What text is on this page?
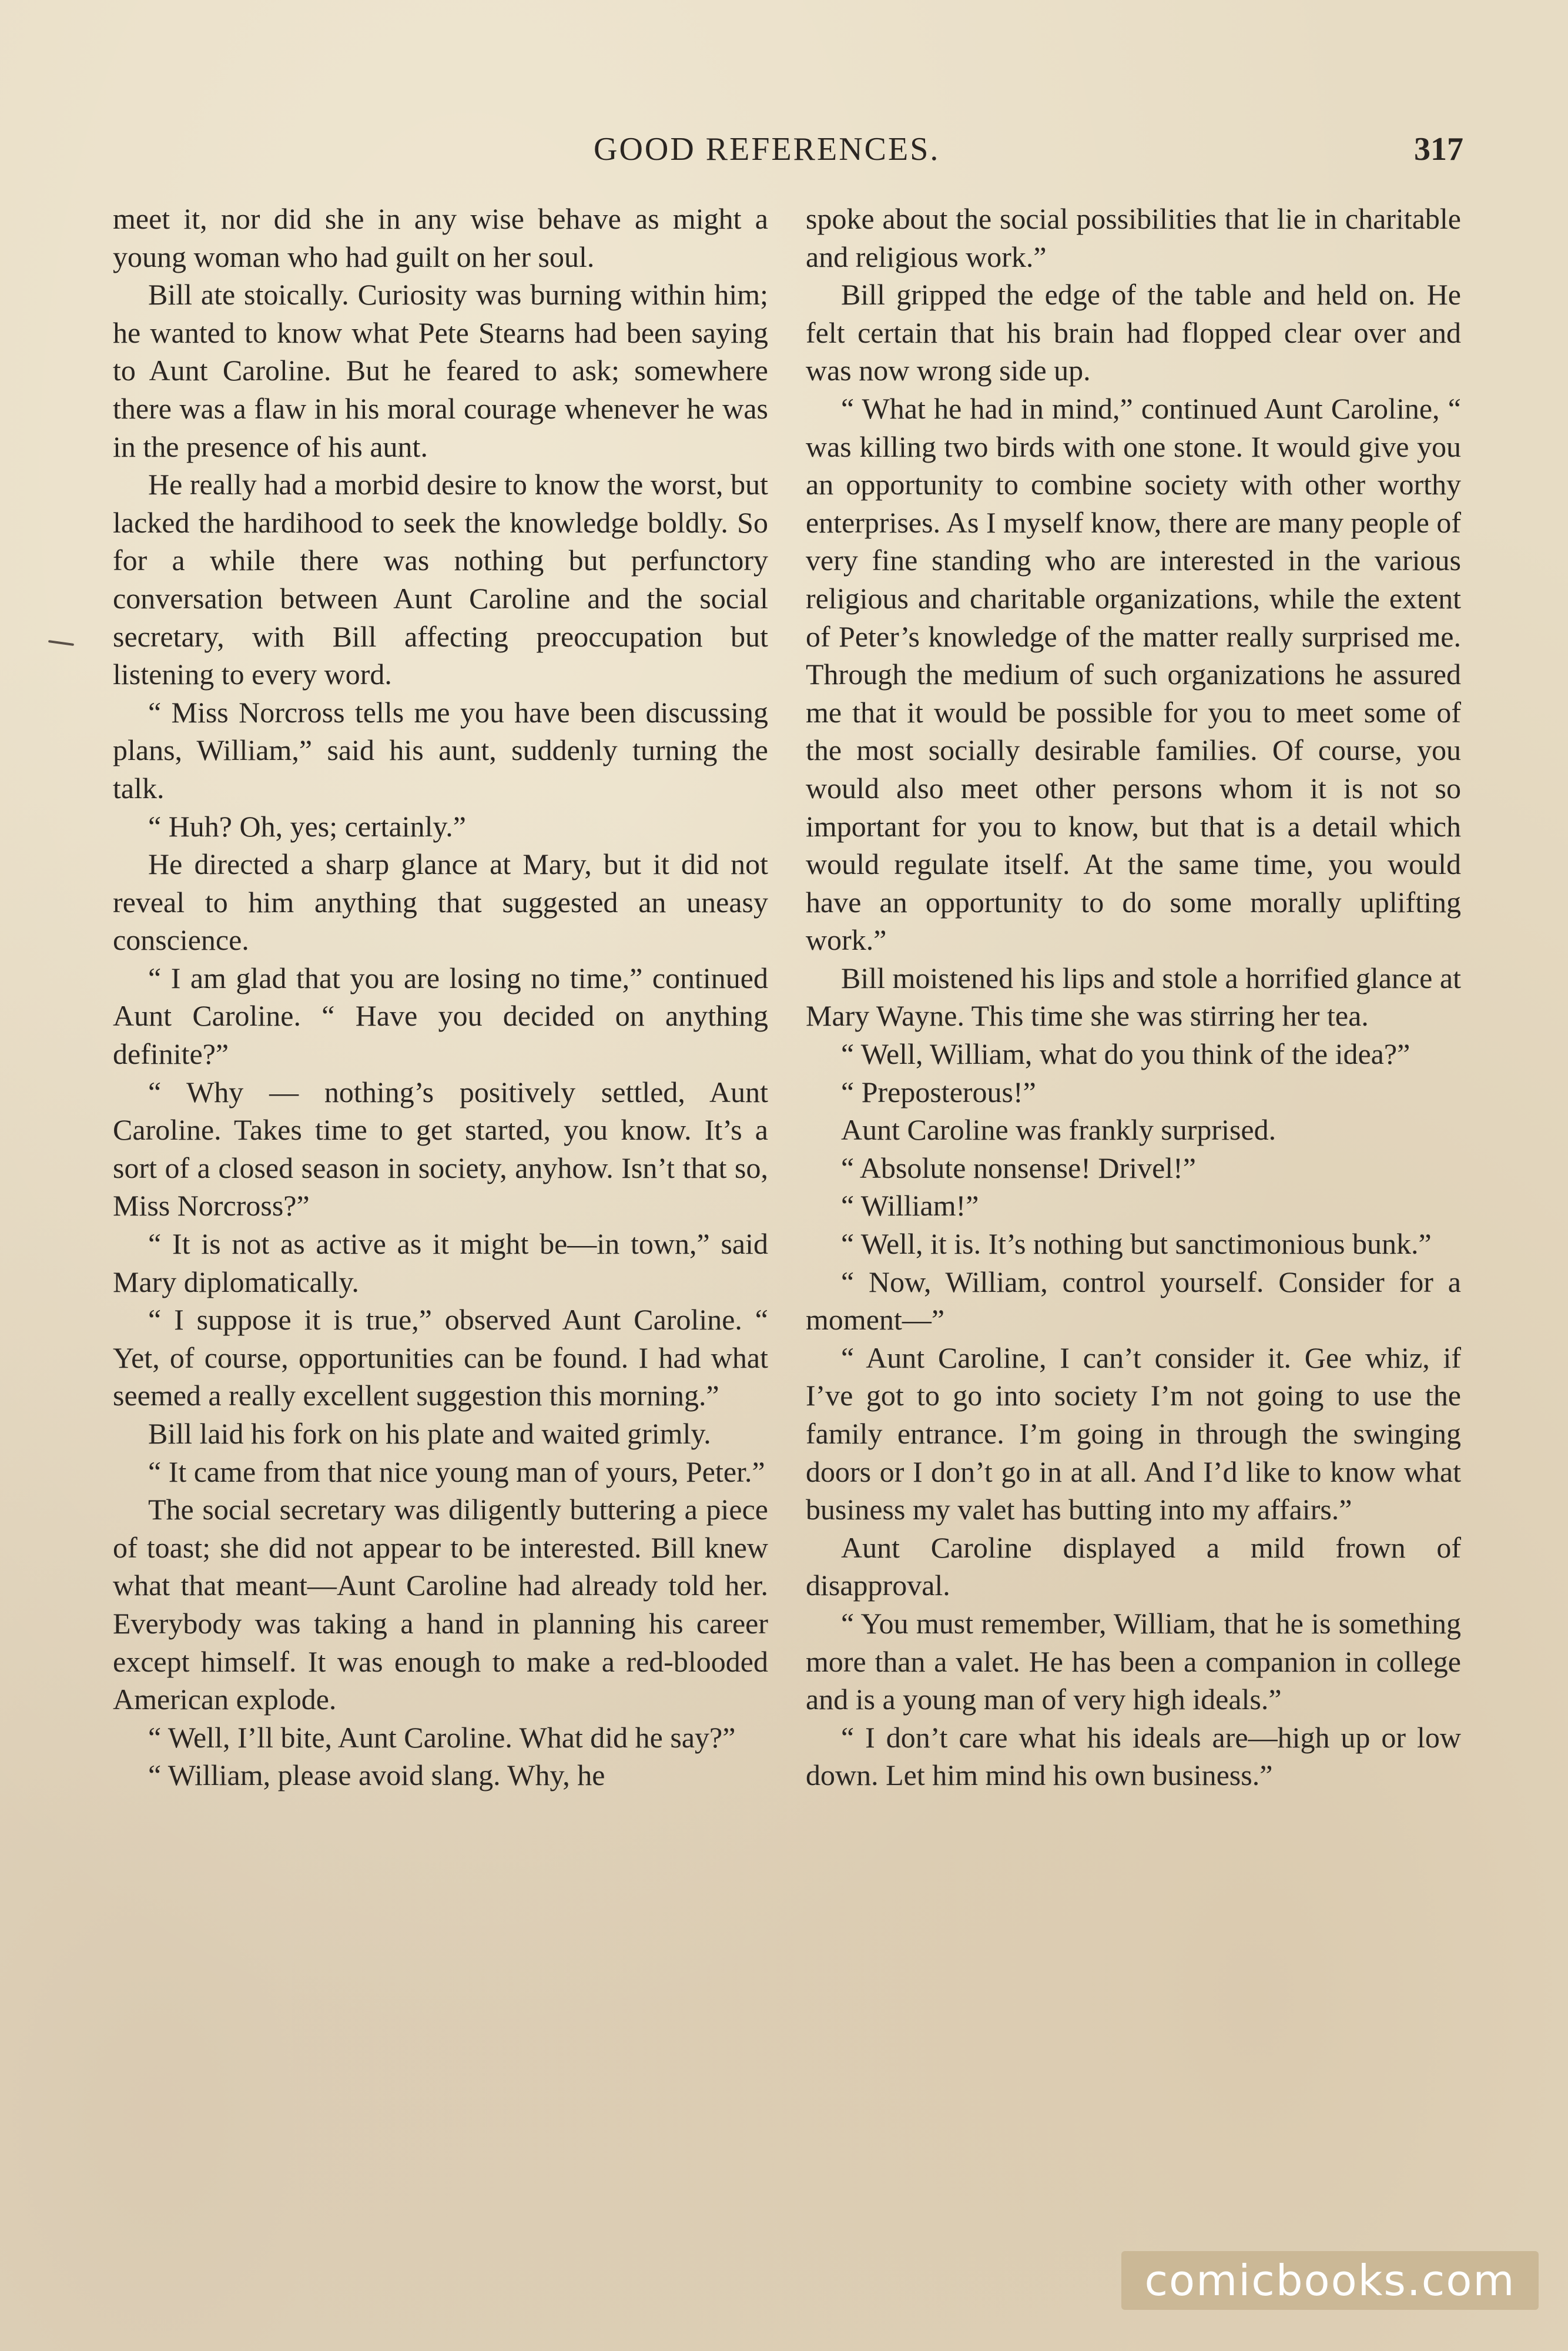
GOOD REFERENCES.	317

meet it, nor did she in any wise behave as might a young woman who had guilt on her soul.

Bill ate stoically. Curiosity was burning within him; he wanted to know what Pete Stearns had been saying to Aunt Caroline. But he feared to ask; somewhere there was a flaw in his moral courage whenever he was in the presence of his aunt.

He really had a morbid desire to know the worst, but lacked the hardihood to seek the knowledge boldly. So for a while there was nothing but perfunctory conversation between Aunt Caroline and the social secretary, with Bill affecting preoccupation but listening to every word.

“ Miss Norcross tells me you have been discussing plans, William,” said his aunt, suddenly turning the talk.

“ Huh? Oh, yes; certainly.”

He directed a sharp glance at Mary, but it did not reveal to him anything that suggested an uneasy conscience.

“ I am glad that you are losing no time,” continued Aunt Caroline. “ Have you decided on anything definite?”

“ Why — nothing’s positively settled, Aunt Caroline. Takes time to get started, you know. It’s a sort of a closed season in society, anyhow. Isn’t that so, Miss Norcross?”

“ It is not as active as it might be—in town,” said Mary diplomatically.

“ I suppose it is true,” observed Aunt Caroline. “ Yet, of course, opportunities can be found. I had what seemed a really excellent suggestion this morning.”

Bill laid his fork on his plate and waited grimly.

“ It came from that nice young man of yours, Peter.”

The social secretary was diligently buttering a piece of toast; she did not appear to be interested. Bill knew what that meant—Aunt Caroline had already told her. Everybody was taking a hand in planning his career except himself. It was enough to make a red-blooded American explode.

“ Well, I’ll bite, Aunt Caroline. What did he say?”

“ William, please avoid slang. Why, he

spoke about the social possibilities that lie in charitable and religious work.”

Bill gripped the edge of the table and held on. He felt certain that his brain had flopped clear over and was now wrong side up.

“ What he had in mind,” continued Aunt Caroline, “ was killing two birds with one stone. It would give you an opportunity to combine society with other worthy enterprises. As I myself know, there are many people of very fine standing who are interested in the various religious and charitable organizations, while the extent of Peter’s knowledge of the matter really surprised me. Through the medium of such organizations he assured me that it would be possible for you to meet some of the most socially desirable families. Of course, you would also meet other persons whom it is not so important for you to know, but that is a detail which would regulate itself. At the same time, you would have an opportunity to do some morally uplifting work.”

Bill moistened his lips and stole a horrified glance at Mary Wayne. This time she was stirring her tea.

“ Well, William, what do you think of the idea?”

“ Preposterous!”

Aunt Caroline was frankly surprised.

“ Absolute nonsense! Drivel!”

“ William!”

“ Well, it is. It’s nothing but sanctimonious bunk.”

“ Now, William, control yourself. Consider for a moment—”

“ Aunt Caroline, I can’t consider it. Gee whiz, if I’ve got to go into society I’m not going to use the family entrance. I’m going in through the swinging doors or I don’t go in at all. And I’d like to know what business my valet has butting into my affairs.”

Aunt Caroline displayed a mild frown of disapproval.

“ You must remember, William, that he is something more than a valet. He has been a companion in college and is a young man of very high ideals.”

“ I don’t care what his ideals are—high up or low down. Let him mind his own business.”

comicbooks.com
